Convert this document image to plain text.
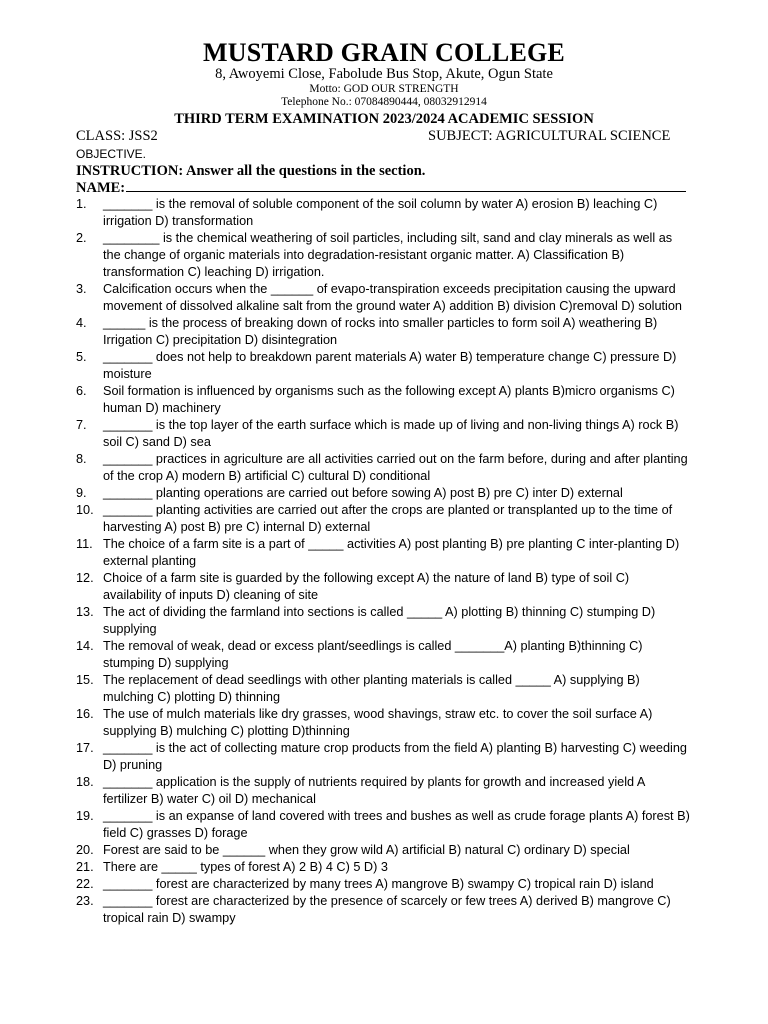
MUSTARD GRAIN COLLEGE
8, Awoyemi Close, Fabolude Bus Stop, Akute, Ogun State
Motto: GOD OUR STRENGTH
Telephone No.: 07084890444, 08032912914
THIRD TERM EXAMINATION 2023/2024 ACADEMIC SESSION
CLASS: JSS2	SUBJECT: AGRICULTURAL SCIENCE
OBJECTIVE.
INSTRUCTION: Answer all the questions in the section.
NAME:
1.	_______ is the removal of soluble component of the soil column by water A) erosion B) leaching C) irrigation D) transformation
2.	________ is the chemical weathering of soil particles, including silt, sand and clay minerals as well as the change of organic materials into degradation-resistant organic matter. A) Classification B) transformation C) leaching D) irrigation.
3.	Calcification occurs when the ______ of evapo-transpiration exceeds precipitation causing the upward movement of dissolved alkaline salt from the ground water A) addition B) division C)removal D) solution
4.	______ is the process of breaking down of rocks into smaller particles to form soil A) weathering B) Irrigation C) precipitation D) disintegration
5.	_______ does not help to breakdown parent materials A) water B) temperature change C) pressure D) moisture
6.	Soil formation is influenced by organisms such as the following except A) plants B)micro organisms C) human D) machinery
7.	_______ is the top layer of the earth surface which is made up of living and non-living things A) rock B) soil C) sand D) sea
8.	_______ practices in agriculture are all activities carried out on the farm before, during and after planting of the crop A) modern B) artificial C) cultural D) conditional
9.	_______ planting operations are carried out before sowing A) post B) pre C) inter D) external
10. _______ planting activities are carried out after the crops are planted or transplanted up to the time of harvesting A) post B) pre C) internal D) external
11. The choice of a farm site is a part of _____ activities A) post planting B) pre planting C inter-planting D) external planting
12. Choice of a farm site is guarded by the following except A) the nature of land B) type of soil C) availability of inputs D) cleaning of site
13. The act of dividing the farmland into sections is called _____ A) plotting B) thinning C) stumping D) supplying
14. The removal of weak, dead or excess plant/seedlings is called _______A) planting B)thinning C) stumping D) supplying
15. The replacement of dead seedlings with other planting materials is called _____ A) supplying B) mulching C) plotting D) thinning
16. The use of mulch materials like dry grasses, wood shavings, straw etc. to cover the soil surface A) supplying B) mulching C) plotting D)thinning
17. _______ is the act of collecting mature crop products from the field A) planting B) harvesting C) weeding D) pruning
18. _______ application is the supply of nutrients required by plants for growth and increased yield A fertilizer B) water C) oil D) mechanical
19. _______ is an expanse of land covered with trees and bushes as well as crude forage plants A) forest B) field C) grasses D) forage
20. Forest are said to be ______ when they grow wild A) artificial B) natural C) ordinary D) special
21. There are _____ types of forest A) 2 B) 4 C) 5 D) 3
22. _______ forest are characterized by many trees A) mangrove B) swampy C) tropical rain D) island
23. _______ forest are characterized by the presence of scarcely or few trees A) derived B) mangrove C) tropical rain D) swampy
